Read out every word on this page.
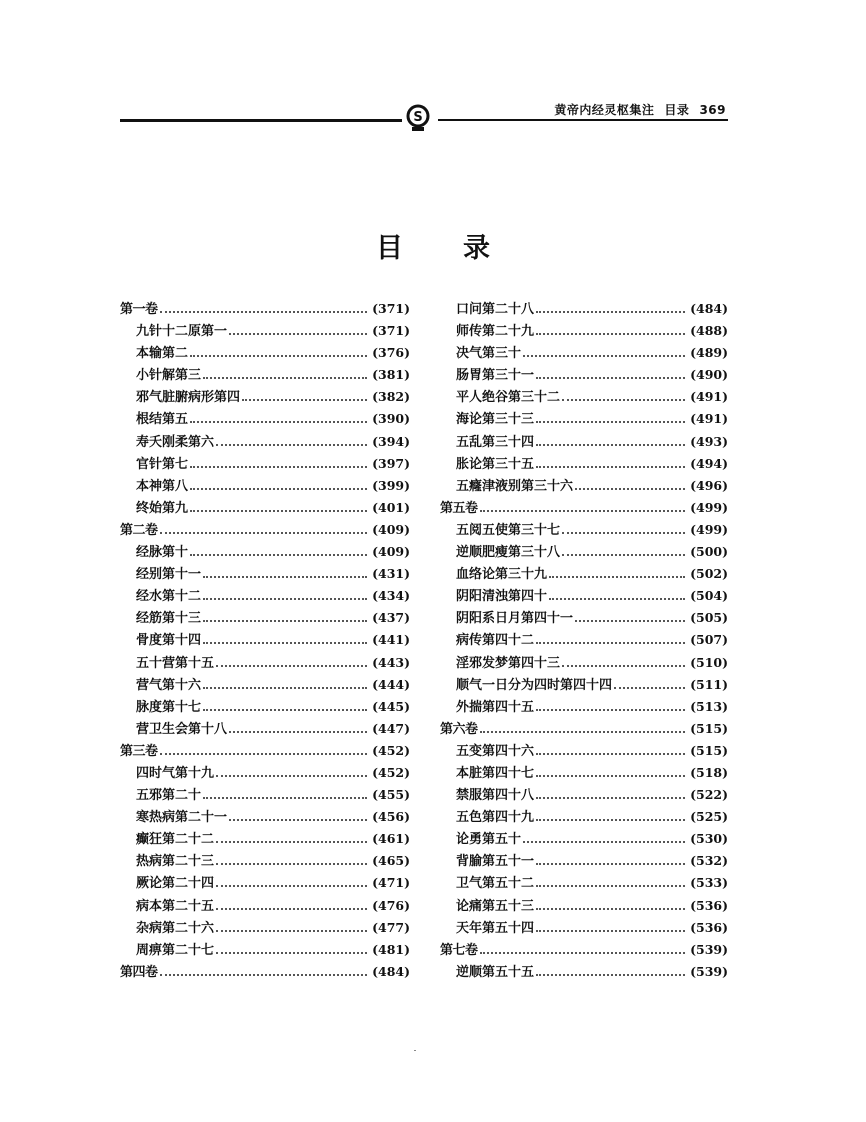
S	黄帝内经灵枢集注 目录 369
目 录
第一卷	(371)
九针十二原第一	(371)
本输第二	(376)
小针解第三	(381)
邪气脏腑病形第四	(382)
根结第五	(390)
寿夭刚柔第六	(394)
官针第七	(397)
本神第八	(399)
终始第九	(401)
第二卷	(409)
经脉第十	(409)
经别第十一	(431)
经水第十二	(434)
经筋第十三	(437)
骨度第十四	(441)
五十营第十五	(443)
营气第十六	(444)
脉度第十七	(445)
营卫生会第十八	(447)
第三卷	(452)
四时气第十九	(452)
五邪第二十	(455)
寒热病第二十一	(456)
癫狂第二十二	(461)
热病第二十三	(465)
厥论第二十四	(471)
病本第二十五	(476)
杂病第二十六	(477)
周痹第二十七	(481)
第四卷	(484)
口问第二十八	(484)
师传第二十九	(488)
决气第三十	(489)
肠胃第三十一	(490)
平人绝谷第三十二	(491)
海论第三十三	(491)
五乱第三十四	(493)
胀论第三十五	(494)
五癃津液别第三十六	(496)
第五卷	(499)
五阅五使第三十七	(499)
逆顺肥瘦第三十八	(500)
血络论第三十九	(502)
阴阳清浊第四十	(504)
阴阳系日月第四十一	(505)
病传第四十二	(507)
淫邪发梦第四十三	(510)
顺气一日分为四时第四十四	(511)
外揣第四十五	(513)
第六卷	(515)
五变第四十六	(515)
本脏第四十七	(518)
禁服第四十八	(522)
五色第四十九	(525)
论勇第五十	(530)
背腧第五十一	(532)
卫气第五十二	(533)
论痛第五十三	(536)
天年第五十四	(536)
第七卷	(539)
逆顺第五十五	(539)
